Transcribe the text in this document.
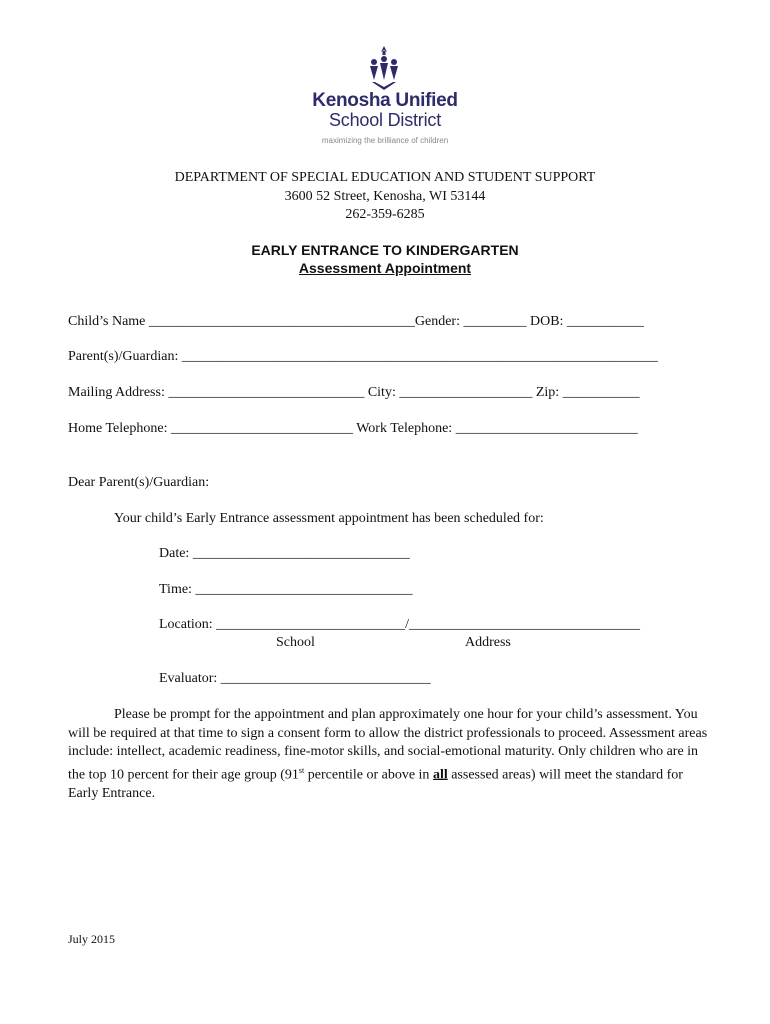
Kenosha Unified
School District
maximizing the brilliance of children
DEPARTMENT OF SPECIAL EDUCATION AND STUDENT SUPPORT
3600 52 Street, Kenosha, WI 53144
262-359-6285
EARLY ENTRANCE TO KINDERGARTEN
Assessment Appointment
Child’s Name ______________________________________Gender: _________ DOB: ___________
Parent(s)/Guardian: ____________________________________________________________________
Mailing Address: ____________________________ City: ___________________ Zip: ___________
Home Telephone: __________________________ Work Telephone: __________________________
Dear Parent(s)/Guardian:
Your child’s Early Entrance assessment appointment has been scheduled for:
Date: _______________________________
Time: _______________________________
Location: ___________________________/_________________________________
School	Address
Evaluator: ______________________________
Please be prompt for the appointment and plan approximately one hour for your child’s assessment. You will be required at that time to sign a consent form to allow the district professionals to proceed. Assessment areas include: intellect, academic readiness, fine-motor skills, and social-emotional maturity. Only children who are in the top 10 percent for their age group (91st percentile or above in all assessed areas) will meet the standard for Early Entrance.
July 2015
